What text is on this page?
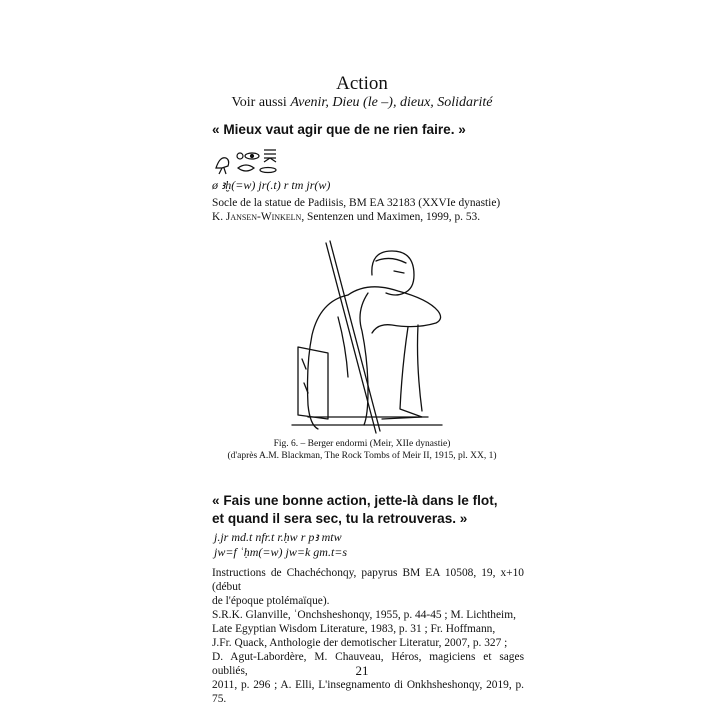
Action
Voir aussi Avenir, Dieu (le –), dieux, Solidarité
« Mieux vaut agir que de ne rien faire. »
ø ꜣḫ(=w) jr(.t) r tm jr(w)
Socle de la statue de Padiisis, BM EA 32183 (XXVIe dynastie)
K. Jansen-Winkeln, Sentenzen und Maximen, 1999, p. 53.
Fig. 6. – Berger endormi (Meir, XIIe dynastie)
(d'après A.M. Blackman, The Rock Tombs of Meir II, 1915, pl. XX, 1)
« Fais une bonne action, jette-là dans le flot,
et quand il sera sec, tu la retrouveras. »
j.jr md.t nfr.t r.ḥw r pꜣ mtw
jw=f ʿḥm(=w) jw=k gm.t=s
Instructions de Chachéchonqy, papyrus BM EA 10508, 19, x+10 (début
de l'époque ptolémaïque).
S.R.K. Glanville, ʿOnchsheshonqy, 1955, p. 44-45 ; M. Lichtheim,
Late Egyptian Wisdom Literature, 1983, p. 31 ; Fr. Hoffmann,
J.Fr. Quack, Anthologie der demotischer Literatur, 2007, p. 327 ;
D. Agut-Labordère, M. Chauveau, Héros, magiciens et sages oubliés,
2011, p. 296 ; A. Elli, L'insegnamento di Onkhsheshonqy, 2019, p. 75.
21
